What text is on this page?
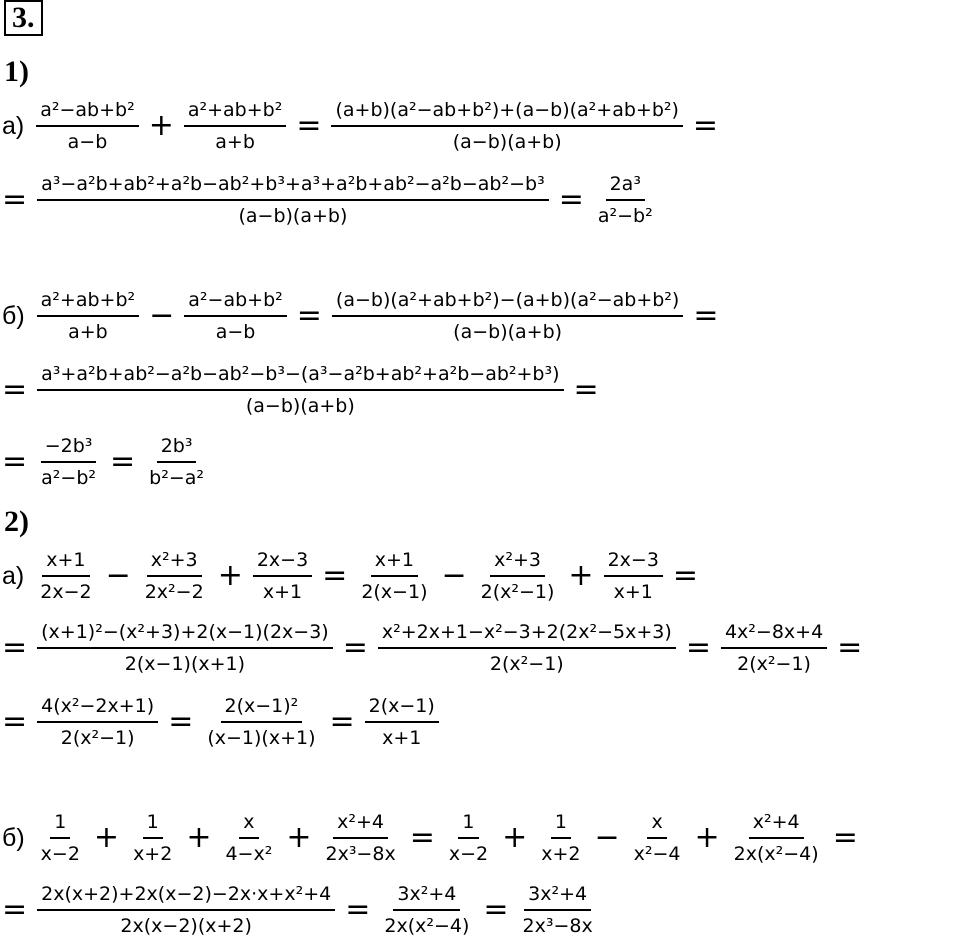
3.
1)
$а) \frac{\text{a²−ab+b²}}{a-b} + \frac{\text{a²+ab+b²}}{a+b} = \frac{\text{(a+b)(a²−ab+b²)+(a−b)(a²+ab+b²)}}{(a-b)(a+b)}$ =
= $\frac{\text{a³−a²b+ab²+a²b−ab²+b³+a³+a²b+ab²−a²b−ab²−b³}}{(a-b)(a+b)} = \frac{\text{2a³}}{\text{a²−b²}}$
$б) \frac{\text{a²+ab+b²}}{a+b} - \frac{\text{a²−ab+b²}}{a-b} = \frac{\text{(a−b)(a²+ab+b²)−(a+b)(a²−ab+b²)}}{(a-b)(a+b)}$ =
= $\frac{\text{a³+a²b+ab²−a²b−ab²−b³−(a³−a²b+ab²+a²b−ab²+b³)}}{(a-b)(a+b)}$ =
= $\frac{\text{−2b³}}{\text{a²−b²}} = \frac{\text{2b³}}{\text{b²−a²}}$
2)
$а) \frac{x+1}{2x-2} - \frac{\text{x²+3}}{\text{2x²−2}} + \frac{2x-3}{x+1} = \frac{x+1}{2(x-1)} - \frac{\text{x²+3}}{\text{2(x²−1)}} + \frac{2x-3}{x+1}$ =
= $\frac{\text{(x+1)²−(x²+3)+2(x−1)(2x−3)}}{2(x-1)(x+1)} = \frac{\text{x²+2x+1−x²−3+2(2x²−5x+3)}}{\text{2(x²−1)}} = \frac{\text{4x²−8x+4}}{\text{2(x²−1)}}$ =
= $\frac{\text{4(x²−2x+1)}}{\text{2(x²−1)}} = \frac{\text{2(x−1)²}}{(x-1)(x+1)} = \frac{2(x-1)}{x+1}$
$б) \frac{1}{x-2} + \frac{1}{x+2} + \frac{x}{\text{4−x²}} + \frac{\text{x²+4}}{\text{2x³−8x}} = \frac{1}{x-2} + \frac{1}{x+2} - \frac{x}{\text{x²−4}} + \frac{\text{x²+4}}{\text{2x(x²−4)}}$ =
= $\frac{\text{2x(x+2)+2x(x−2)−2x·x+x²+4}}{2x(x-2)(x+2)} = \frac{\text{3x²+4}}{\text{2x(x²−4)}} = \frac{\text{3x²+4}}{\text{2x³−8x}}$
